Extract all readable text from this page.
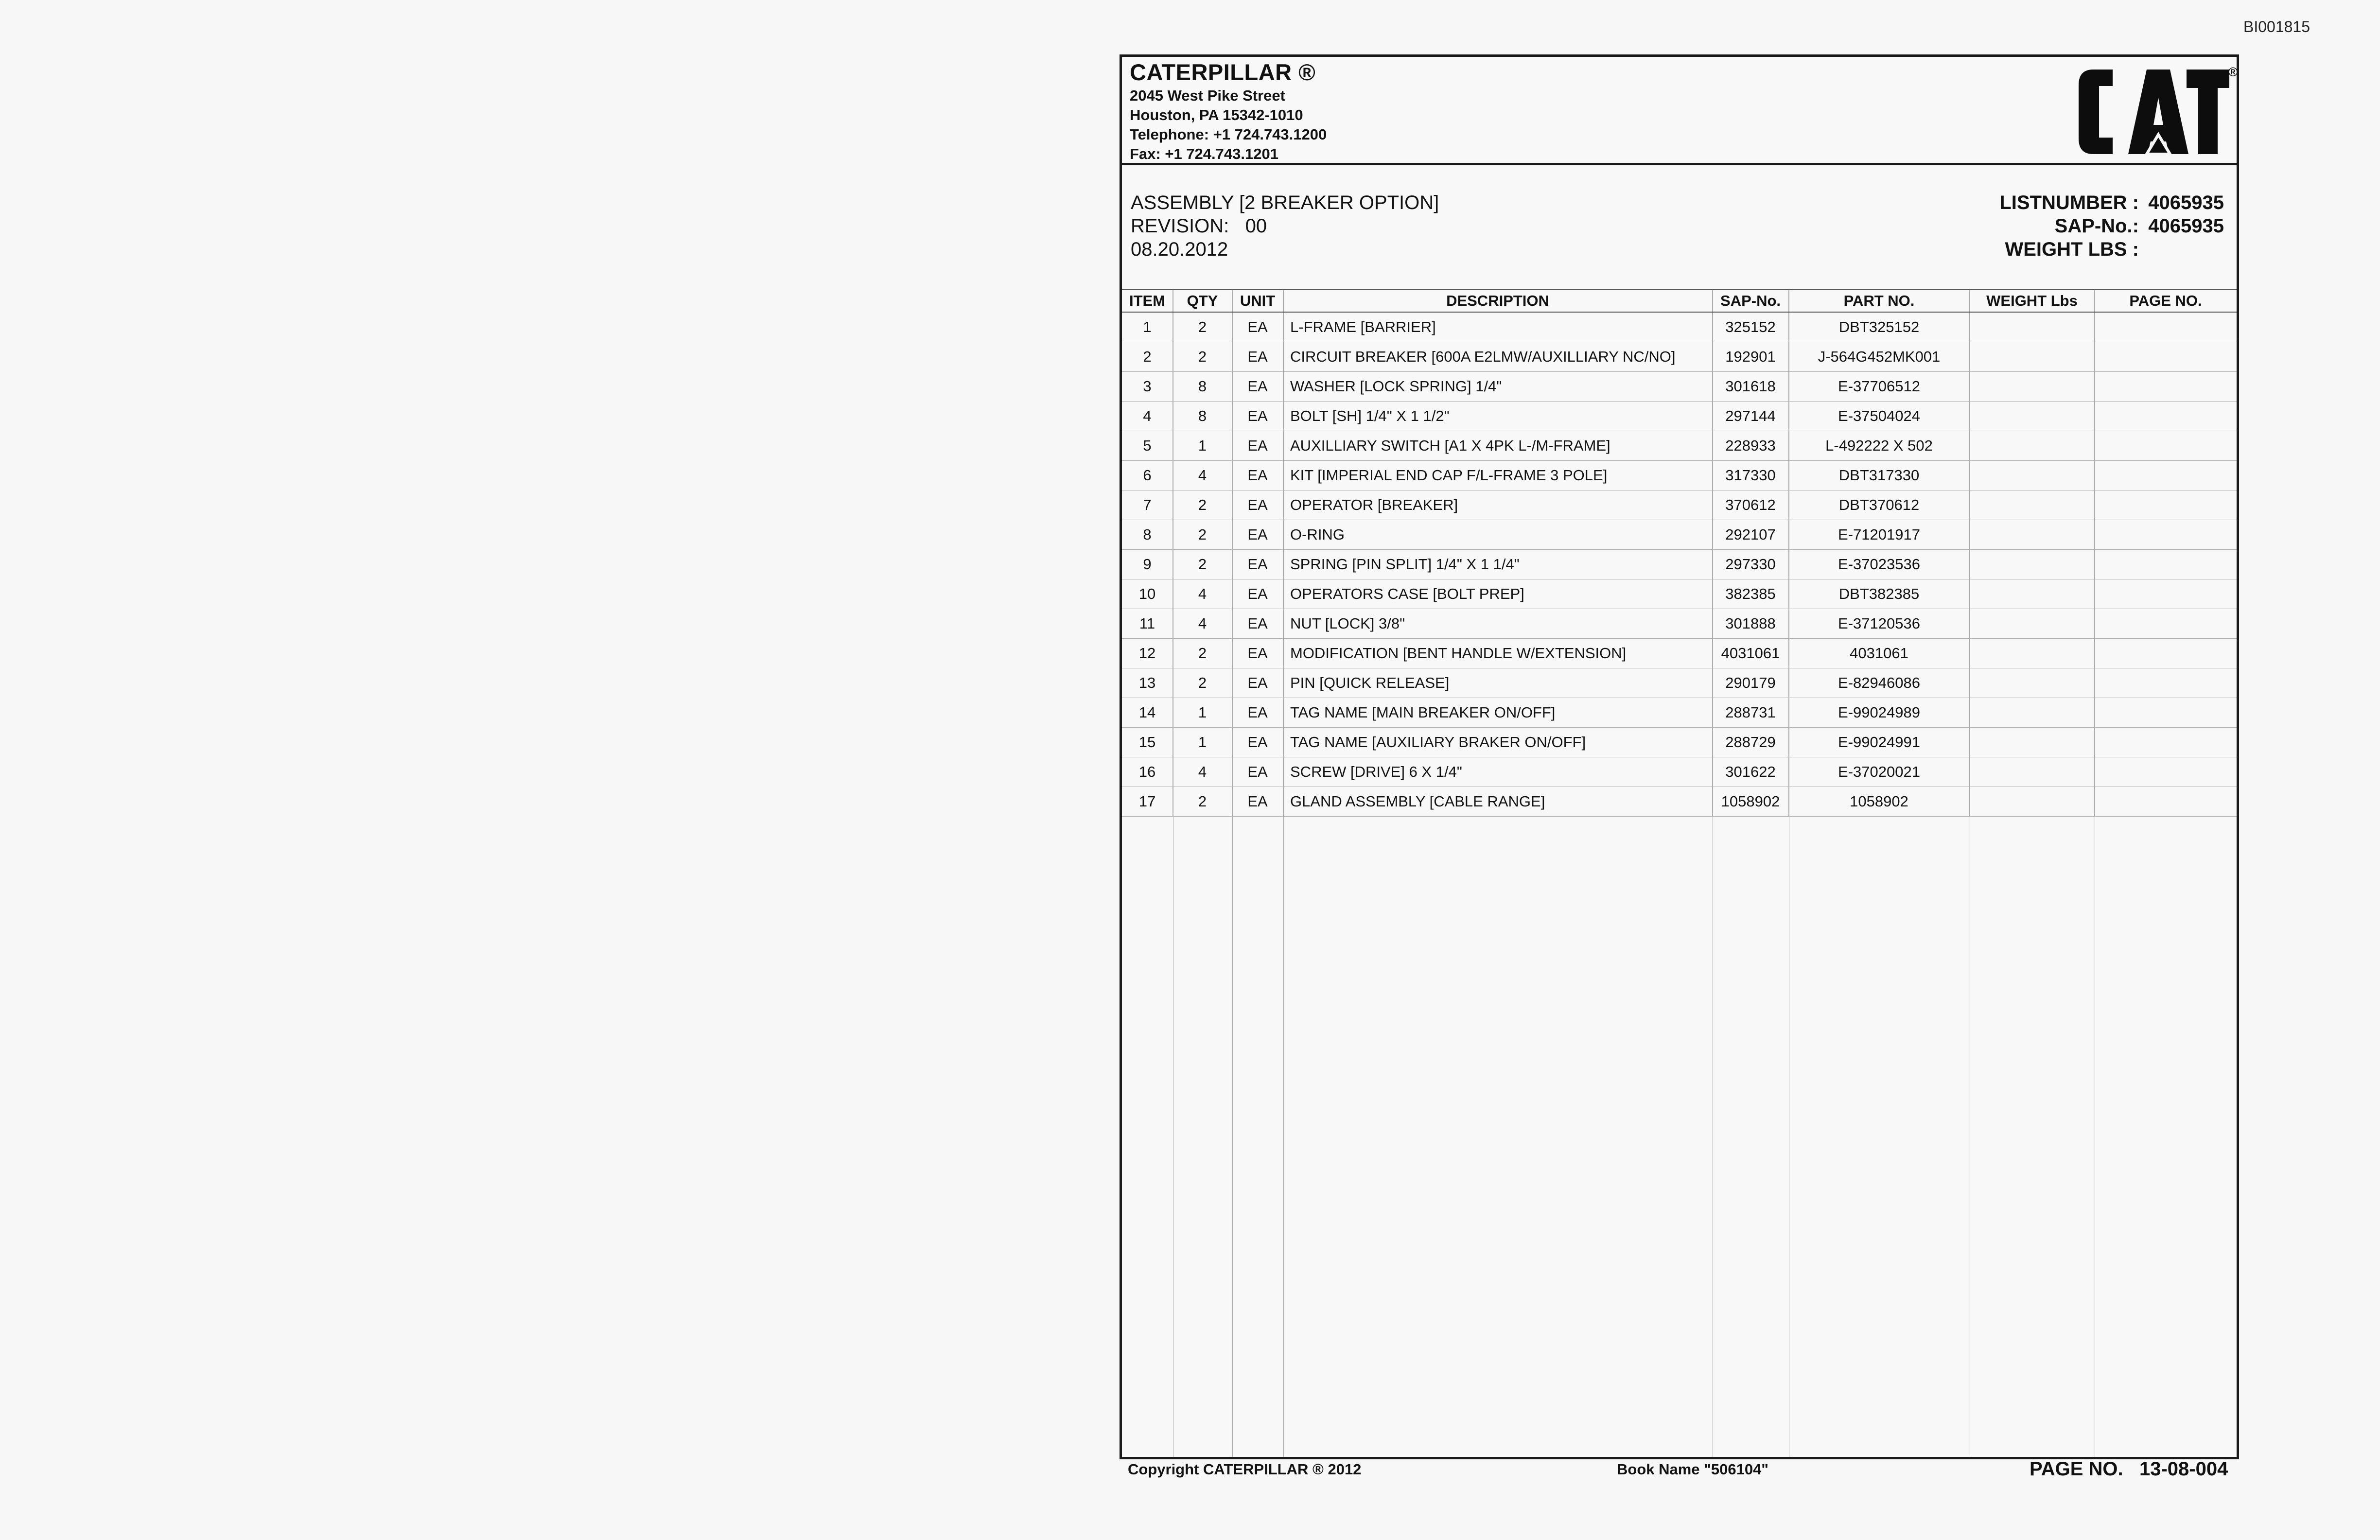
BI001815
CATERPILLAR ®
2045 West Pike Street
Houston, PA 15342-1010
Telephone: +1 724.743.1200
Fax: +1 724.743.1201
®
ASSEMBLY [2 BREAKER OPTION]
REVISION: 00
08.20.2012
LISTNUMBER : 4065935
SAP-No.: 4065935
WEIGHT LBS :
ITEM	QTY	UNIT	DESCRIPTION	SAP-No.	PART NO.	WEIGHT Lbs	PAGE NO.
1	2	EA	L-FRAME [BARRIER]	325152	DBT325152
2	2	EA	CIRCUIT BREAKER [600A E2LMW/AUXILLIARY NC/NO]	192901	J-564G452MK001
3	8	EA	WASHER [LOCK SPRING] 1/4"	301618	E-37706512
4	8	EA	BOLT [SH] 1/4" X 1 1/2"	297144	E-37504024
5	1	EA	AUXILLIARY SWITCH [A1 X 4PK L-/M-FRAME]	228933	L-492222 X 502
6	4	EA	KIT [IMPERIAL END CAP F/L-FRAME 3 POLE]	317330	DBT317330
7	2	EA	OPERATOR [BREAKER]	370612	DBT370612
8	2	EA	O-RING	292107	E-71201917
9	2	EA	SPRING [PIN SPLIT] 1/4" X 1 1/4"	297330	E-37023536
10	4	EA	OPERATORS CASE [BOLT PREP]	382385	DBT382385
11	4	EA	NUT [LOCK] 3/8"	301888	E-37120536
12	2	EA	MODIFICATION [BENT HANDLE W/EXTENSION]	4031061	4031061
13	2	EA	PIN [QUICK RELEASE]	290179	E-82946086
14	1	EA	TAG NAME [MAIN BREAKER ON/OFF]	288731	E-99024989
15	1	EA	TAG NAME [AUXILIARY BRAKER ON/OFF]	288729	E-99024991
16	4	EA	SCREW [DRIVE] 6 X 1/4"	301622	E-37020021
17	2	EA	GLAND ASSEMBLY [CABLE RANGE]	1058902	1058902
Copyright CATERPILLAR ® 2012	Book Name "506104"	PAGE NO. 13-08-004
